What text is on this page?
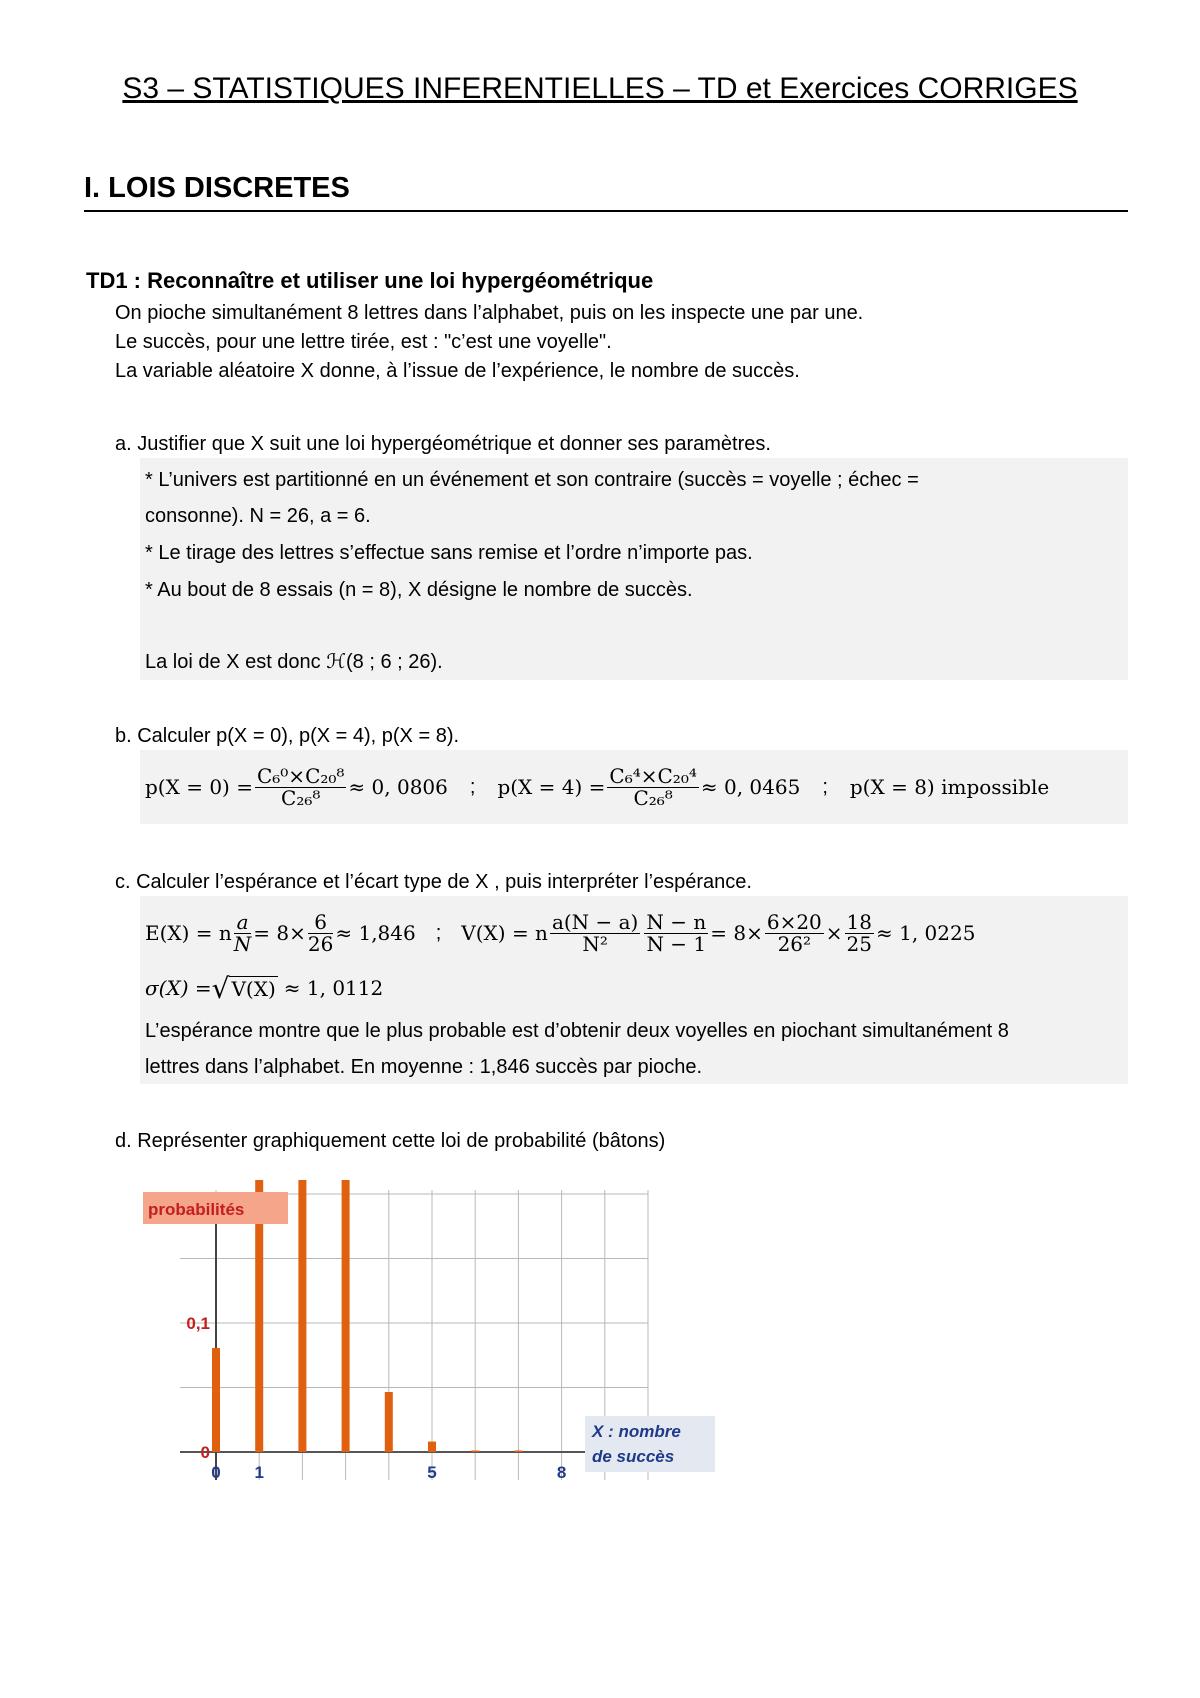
S3 – STATISTIQUES INFERENTIELLES – TD et Exercices CORRIGES
I. LOIS DISCRETES
TD1 : Reconnaître et utiliser une loi hypergéométrique
On pioche simultanément 8 lettres dans l’alphabet, puis on les inspecte une par une.
Le succès, pour une lettre tirée, est : "c’est une voyelle".
La variable aléatoire X donne, à l’issue de l’expérience, le nombre de succès.
a. Justifier que X suit une loi hypergéométrique et donner ses paramètres.
* L’univers est partitionné en un événement et son contraire (succès = voyelle ; échec =
consonne). N = 26, a = 6.
* Le tirage des lettres s’effectue sans remise et l’ordre n’importe pas.
* Au bout de 8 essais (n = 8), X désigne le nombre de succès.
La loi de X est donc ℋ(8 ; 6 ; 26).
b. Calculer p(X = 0), p(X = 4), p(X = 8).
$p(X = 0) = \frac{\text{C₆⁰×C₂₀⁸}}{\text{C₂₆⁸}} \approx 0$, 0806 ; $p(X = 4) = \frac{\text{C₆⁴×C₂₀⁴}}{\text{C₂₆⁸}} \approx 0$, 0465 ; p(X = 8) impossible
c. Calculer l’espérance et l’écart type de X , puis interpréter l’espérance.
E(X) = n $\frac{a}{N} = 8\times \frac{6}{26} \approx 1,846$ ; V(X) = n $\frac{a(N - a)}{\text{N²}} \frac{N - n}{N - 1} = 8\times \frac{6\times 20}{\text{26²}} \times \frac{18}{25} \approx 1$, 0225
σ(X) = √ V(X) ≈ 1, 0112
L’espérance montre que le plus probable est d’obtenir deux voyelles en piochant simultanément 8
lettres dans l’alphabet. En moyenne : 1,846 succès par pioche.
d. Représenter graphiquement cette loi de probabilité (bâtons)
0
0,1
0 1	5	8
probabilités
X : nombre
de succès
